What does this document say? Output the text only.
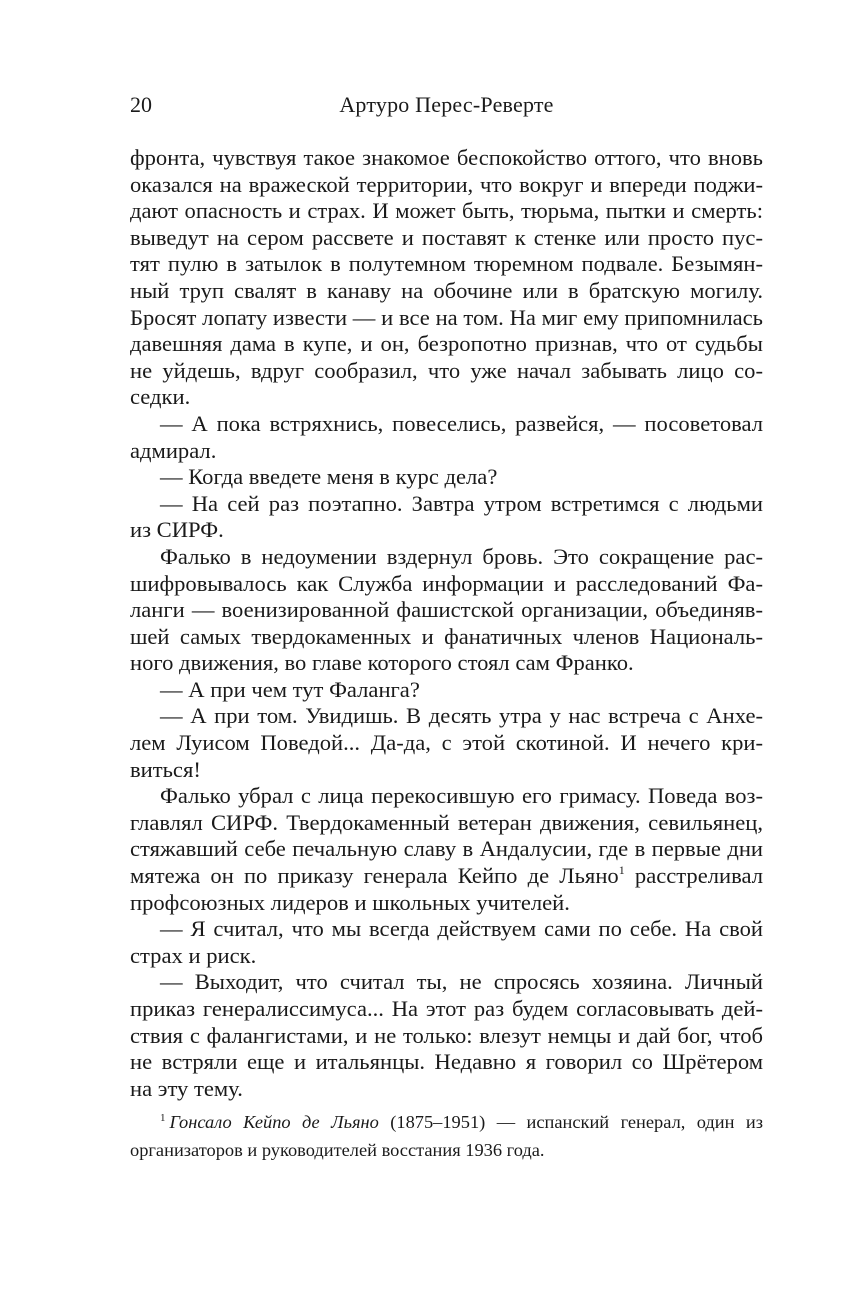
20	Артуро Перес-Реверте
фронта, чувствуя такое знакомое беспокойство оттого, что вновь
оказался на вражеской территории, что вокруг и впереди поджи-
дают опасность и страх. И может быть, тюрьма, пытки и смерть:
выведут на сером рассвете и поставят к стенке или просто пус-
тят пулю в затылок в полутемном тюремном подвале. Безымян-
ный труп свалят в канаву на обочине или в братскую могилу.
Бросят лопату извести — и все на том. На миг ему припомнилась
давешняя дама в купе, и он, безропотно признав, что от судьбы
не уйдешь, вдруг сообразил, что уже начал забывать лицо со-
седки.
— А пока встряхнись, повеселись, развейся, — посоветовал
адмирал.
— Когда введете меня в курс дела?
— На сей раз поэтапно. Завтра утром встретимся с людьми
из СИРФ.
Фалько в недоумении вздернул бровь. Это сокращение рас-
шифровывалось как Служба информации и расследований Фа-
ланги — военизированной фашистской организации, объединяв-
шей самых твердокаменных и фанатичных членов Националь-
ного движения, во главе которого стоял сам Франко.
— А при чем тут Фаланга?
— А при том. Увидишь. В десять утра у нас встреча с Анхе-
лем Луисом Поведой... Да-да, с этой скотиной. И нечего кри-
виться!
Фалько убрал с лица перекосившую его гримасу. Поведа воз-
главлял СИРФ. Твердокаменный ветеран движения, севильянец,
стяжавший себе печальную славу в Андалусии, где в первые дни
мятежа он по приказу генерала Кейпо де Льяно$^1$ расстреливал
профсоюзных лидеров и школьных учителей.
— Я считал, что мы всегда действуем сами по себе. На свой
страх и риск.
— Выходит, что считал ты, не спросясь хозяина. Личный
приказ генералиссимуса... На этот раз будем согласовывать дей-
ствия с фалангистами, и не только: влезут немцы и дай бог, чтоб
не встряли еще и итальянцы. Недавно я говорил со Шрётером
на эту тему.
$^1$ Гонсало Кейпо де Льяно (1875–1951) — испанский генерал, один из
организаторов и руководителей восстания 1936 года.
